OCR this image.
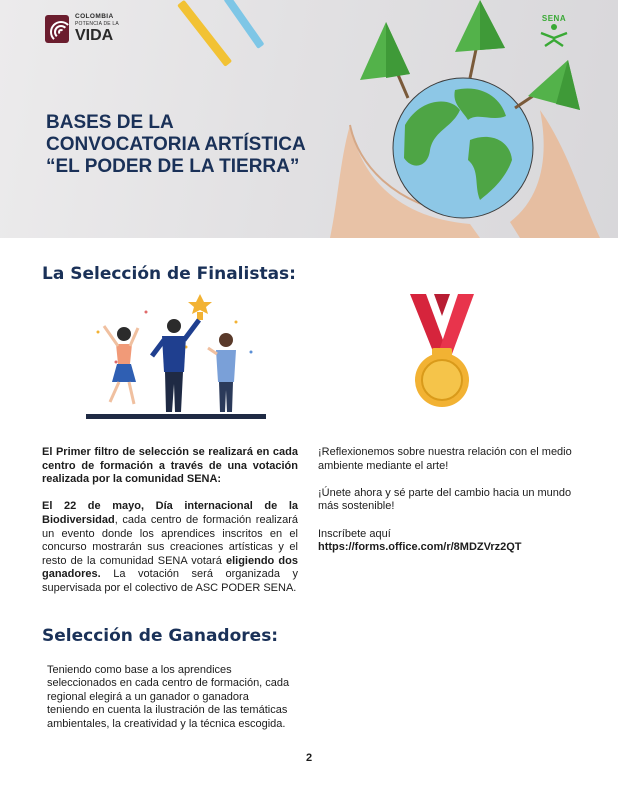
COLOMBIA
POTENCIA DE LA
VIDA
SENA
BASES DE LA
CONVOCATORIA ARTÍSTICA
“EL PODER DE LA TIERRA”
La Selección de Finalistas:

El Primer filtro de selección se realizará en cada centro de formación a través de una votación realizada por la comunidad SENA:

El 22 de mayo, Día internacional de la Biodiversidad, cada centro de formación realizará un evento donde los aprendices inscritos en el concurso mostrarán sus creaciones artísticas y el resto de la comunidad SENA votará eligiendo dos ganadores. La votación será organizada y supervisada por el colectivo de ASC PODER SENA.

¡Reflexionemos sobre nuestra relación con el medio ambiente mediante el arte!

¡Únete ahora y sé parte del cambio hacia un mundo más sostenible!

Inscríbete aquí
https://forms.office.com/r/8MDZVrz2QT

Selección de Ganadores:
Teniendo como base a los aprendices seleccionados en cada centro de formación, cada regional elegirá a un ganador o ganadora teniendo en cuenta la ilustración de las temáticas ambientales, la creatividad y la técnica escogida.
2
